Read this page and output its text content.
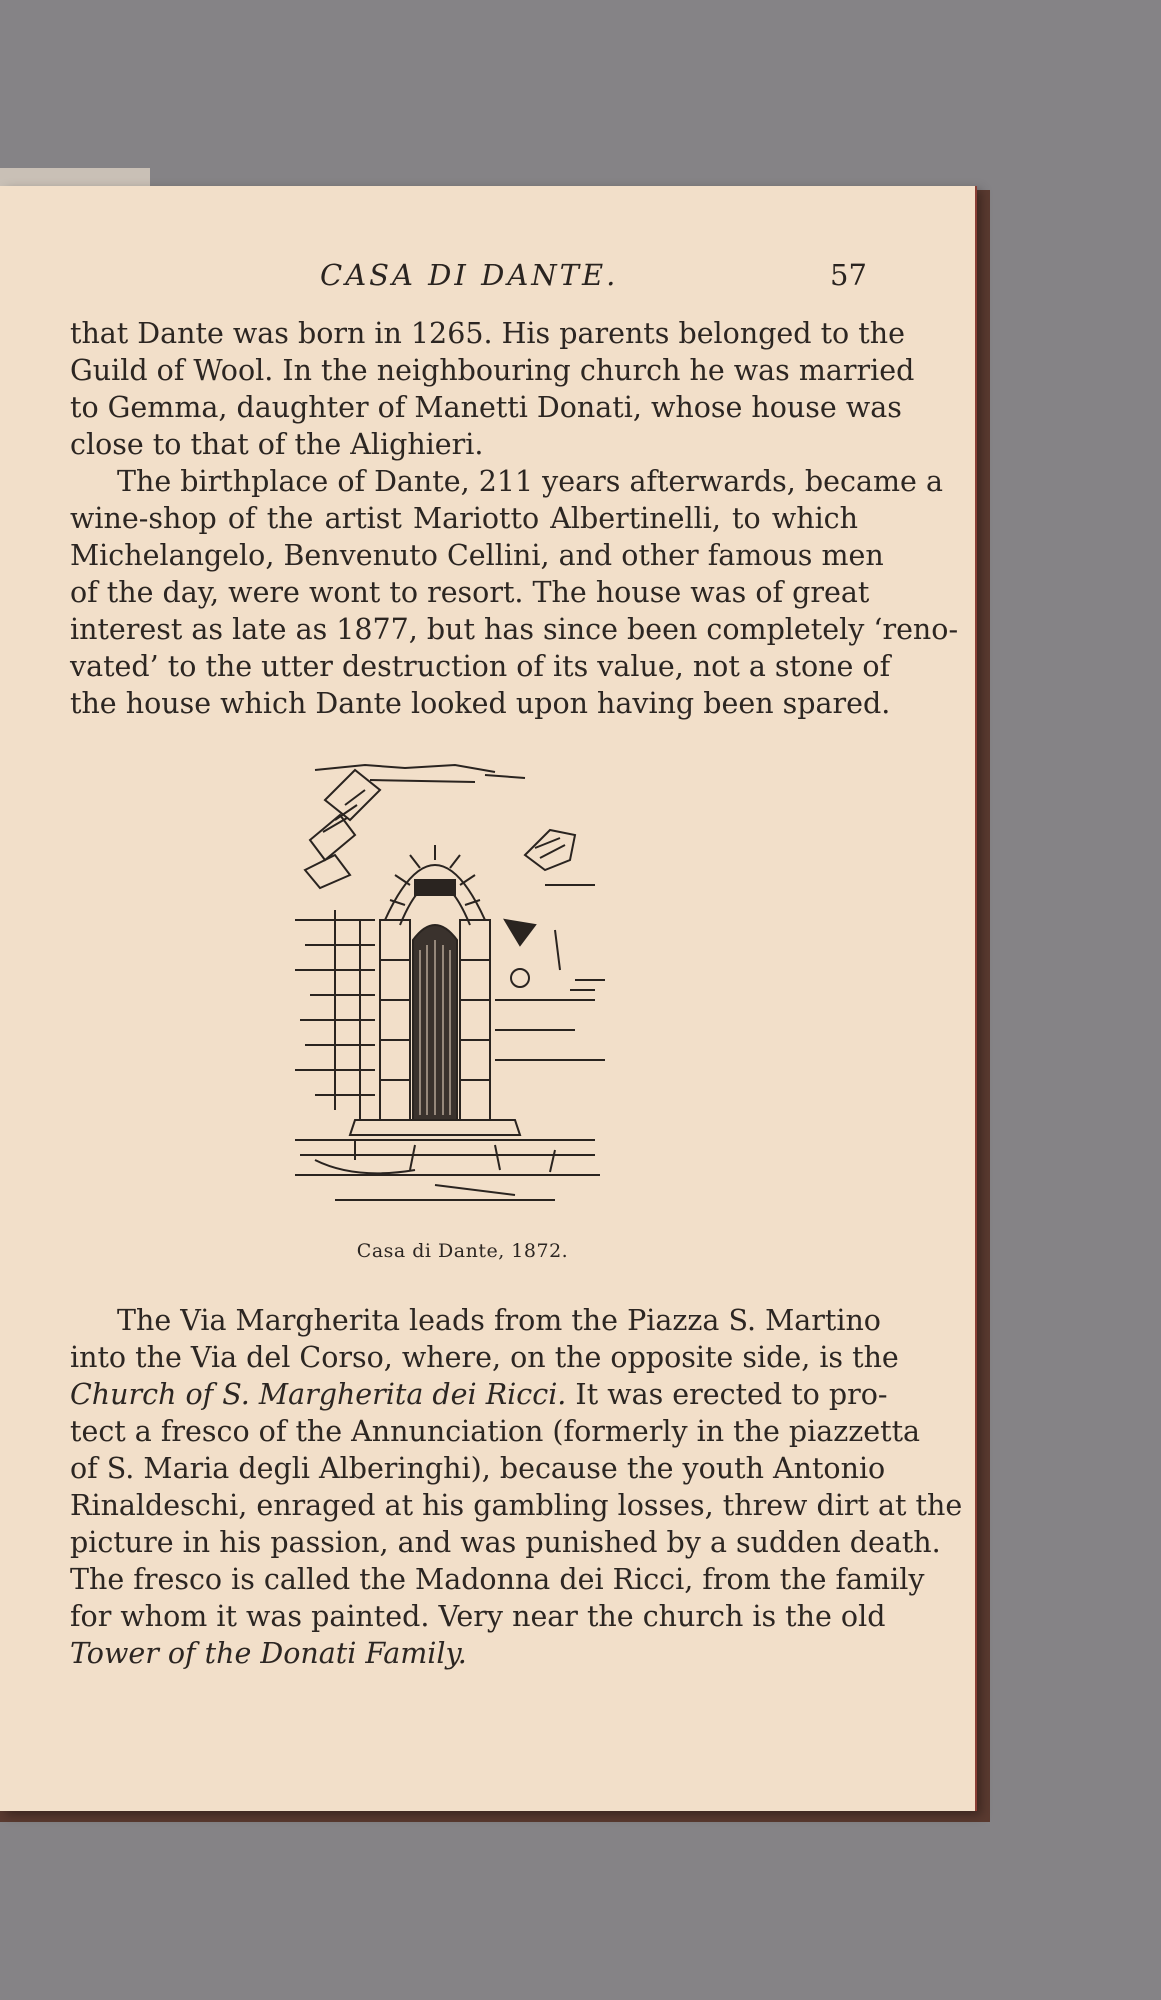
CASA DI DANTE.	57

that Dante was born in 1265. His parents belonged to the
Guild of Wool. In the neighbouring church he was married
to Gemma, daughter of Manetti Donati, whose house was
close to that of the Alighieri.

The birthplace of Dante, 211 years afterwards, became a
wine-shop of the artist Mariotto Albertinelli, to which
Michelangelo, Benvenuto Cellini, and other famous men
of the day, were wont to resort. The house was of great
interest as late as 1877, but has since been completely ‘reno-
vated’ to the utter destruction of its value, not a stone of
the house which Dante looked upon having been spared.

Casa di Dante, 1872.

The Via Margherita leads from the Piazza S. Martino
into the Via del Corso, where, on the opposite side, is the
Church of S. Margherita dei Ricci. It was erected to pro-
tect a fresco of the Annunciation (formerly in the piazzetta
of S. Maria degli Alberinghi), because the youth Antonio
Rinaldeschi, enraged at his gambling losses, threw dirt at the
picture in his passion, and was punished by a sudden death.
The fresco is called the Madonna dei Ricci, from the family
for whom it was painted. Very near the church is the old
Tower of the Donati Family.
